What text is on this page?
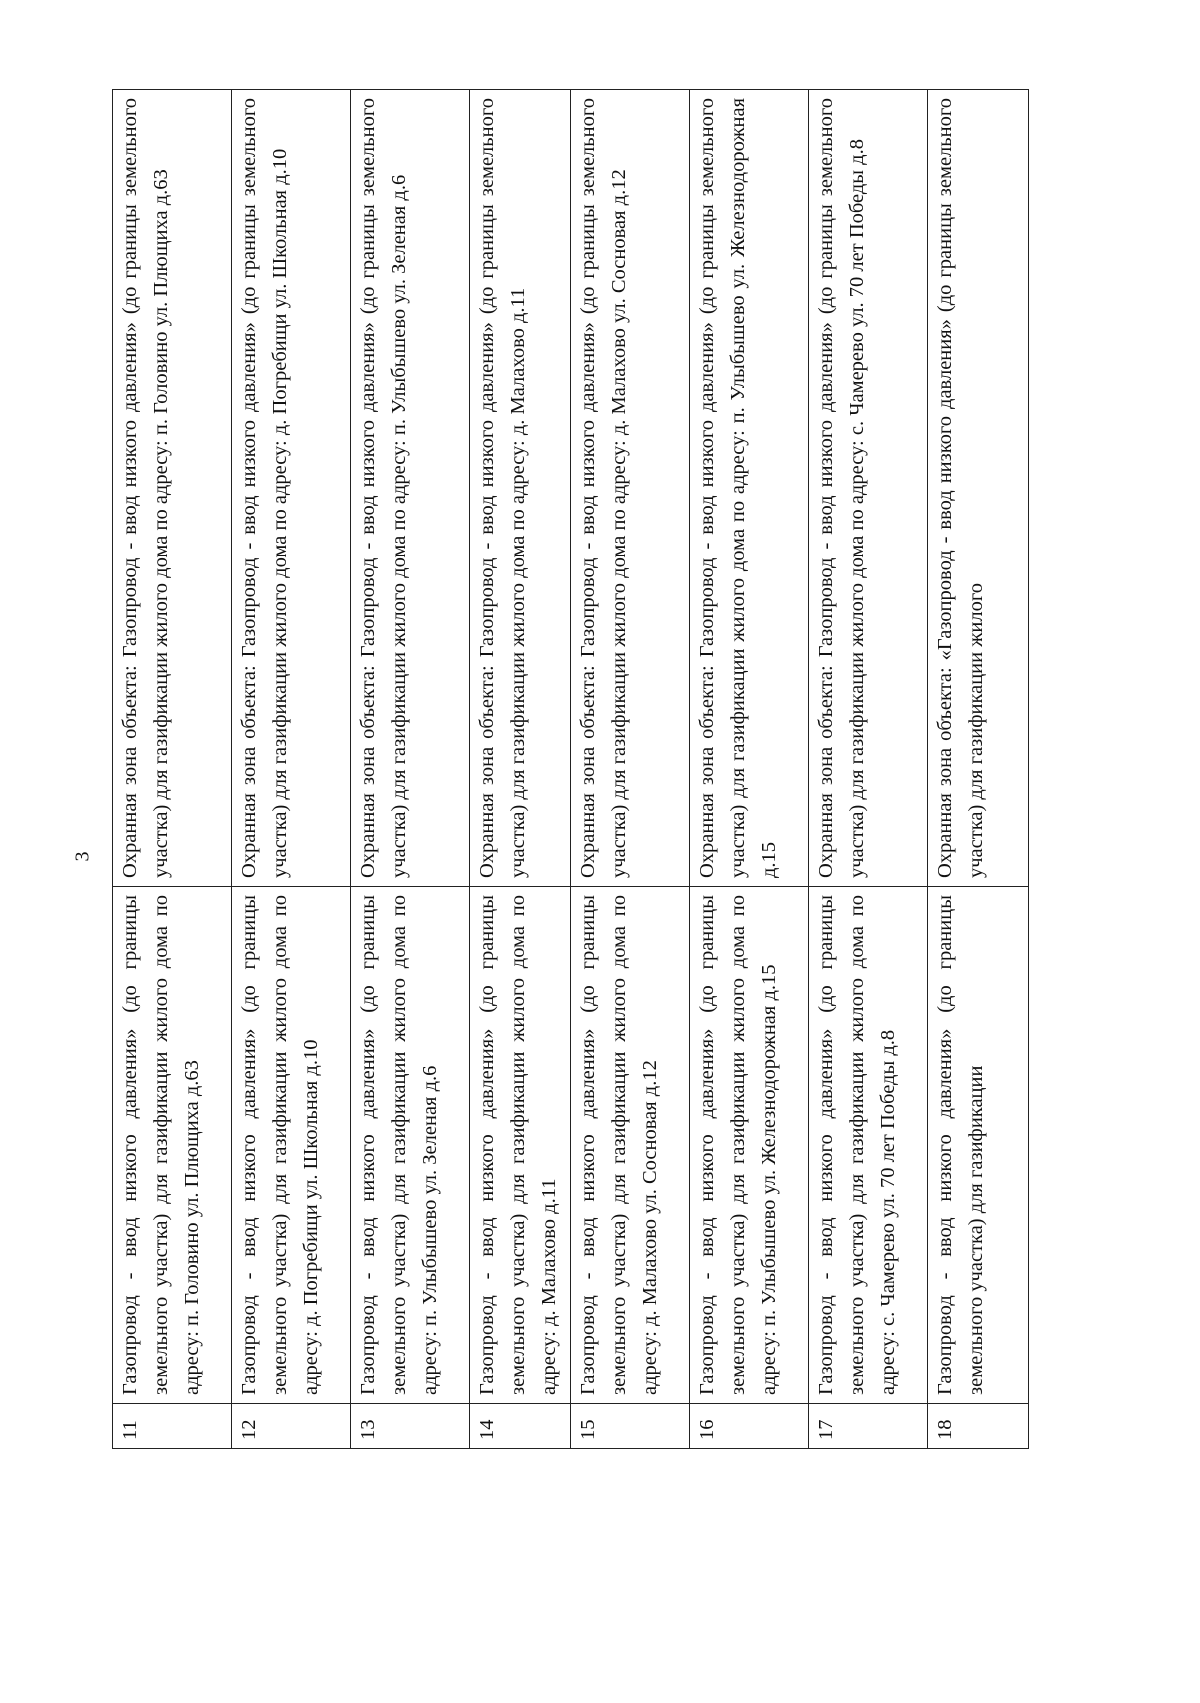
3
11	Газопровод - ввод низкого давления» (до границы земельного участка) для газификации жилого дома по адресу: п. Головино ул. Плющиха д.63	Охранная зона объекта: Газопровод - ввод низкого давления» (до границы земельного участка) для газификации жилого дома по адресу: п. Головино ул. Плющиха д.63
12	Газопровод - ввод низкого давления» (до границы земельного участка) для газификации жилого дома по адресу: д. Погребищи ул. Школьная д.10	Охранная зона объекта: Газопровод - ввод низкого давления» (до границы земельного участка) для газификации жилого дома по адресу: д. Погребищи ул. Школьная д.10
13	Газопровод - ввод низкого давления» (до границы земельного участка) для газификации жилого дома по адресу: п. Улыбышево ул. Зеленая д.6	Охранная зона объекта: Газопровод - ввод низкого давления» (до границы земельного участка) для газификации жилого дома по адресу: п. Улыбышево ул. Зеленая д.6
14	Газопровод - ввод низкого давления» (до границы земельного участка) для газификации жилого дома по адресу: д. Малахово д.11	Охранная зона объекта: Газопровод - ввод низкого давления» (до границы земельного участка) для газификации жилого дома по адресу: д. Малахово д.11
15	Газопровод - ввод низкого давления» (до границы земельного участка) для газификации жилого дома по адресу: д. Малахово ул. Сосновая д.12	Охранная зона объекта: Газопровод - ввод низкого давления» (до границы земельного участка) для газификации жилого дома по адресу: д. Малахово ул. Сосновая д.12
16	Газопровод - ввод низкого давления» (до границы земельного участка) для газификации жилого дома по адресу: п. Улыбышево ул. Железнодорожная д.15	Охранная зона объекта: Газопровод - ввод низкого давления» (до границы земельного участка) для газификации жилого дома по адресу: п. Улыбышево ул. Железнодорожная д.15
17	Газопровод - ввод низкого давления» (до границы земельного участка) для газификации жилого дома по адресу: с. Чамерево ул. 70 лет Победы д.8	Охранная зона объекта: Газопровод - ввод низкого давления» (до границы земельного участка) для газификации жилого дома по адресу: с. Чамерево ул. 70 лет Победы д.8
18	Газопровод - ввод низкого давления» (до границы земельного участка) для газификации	Охранная зона объекта: «Газопровод - ввод низкого давления» (до границы земельного участка) для газификации жилого
